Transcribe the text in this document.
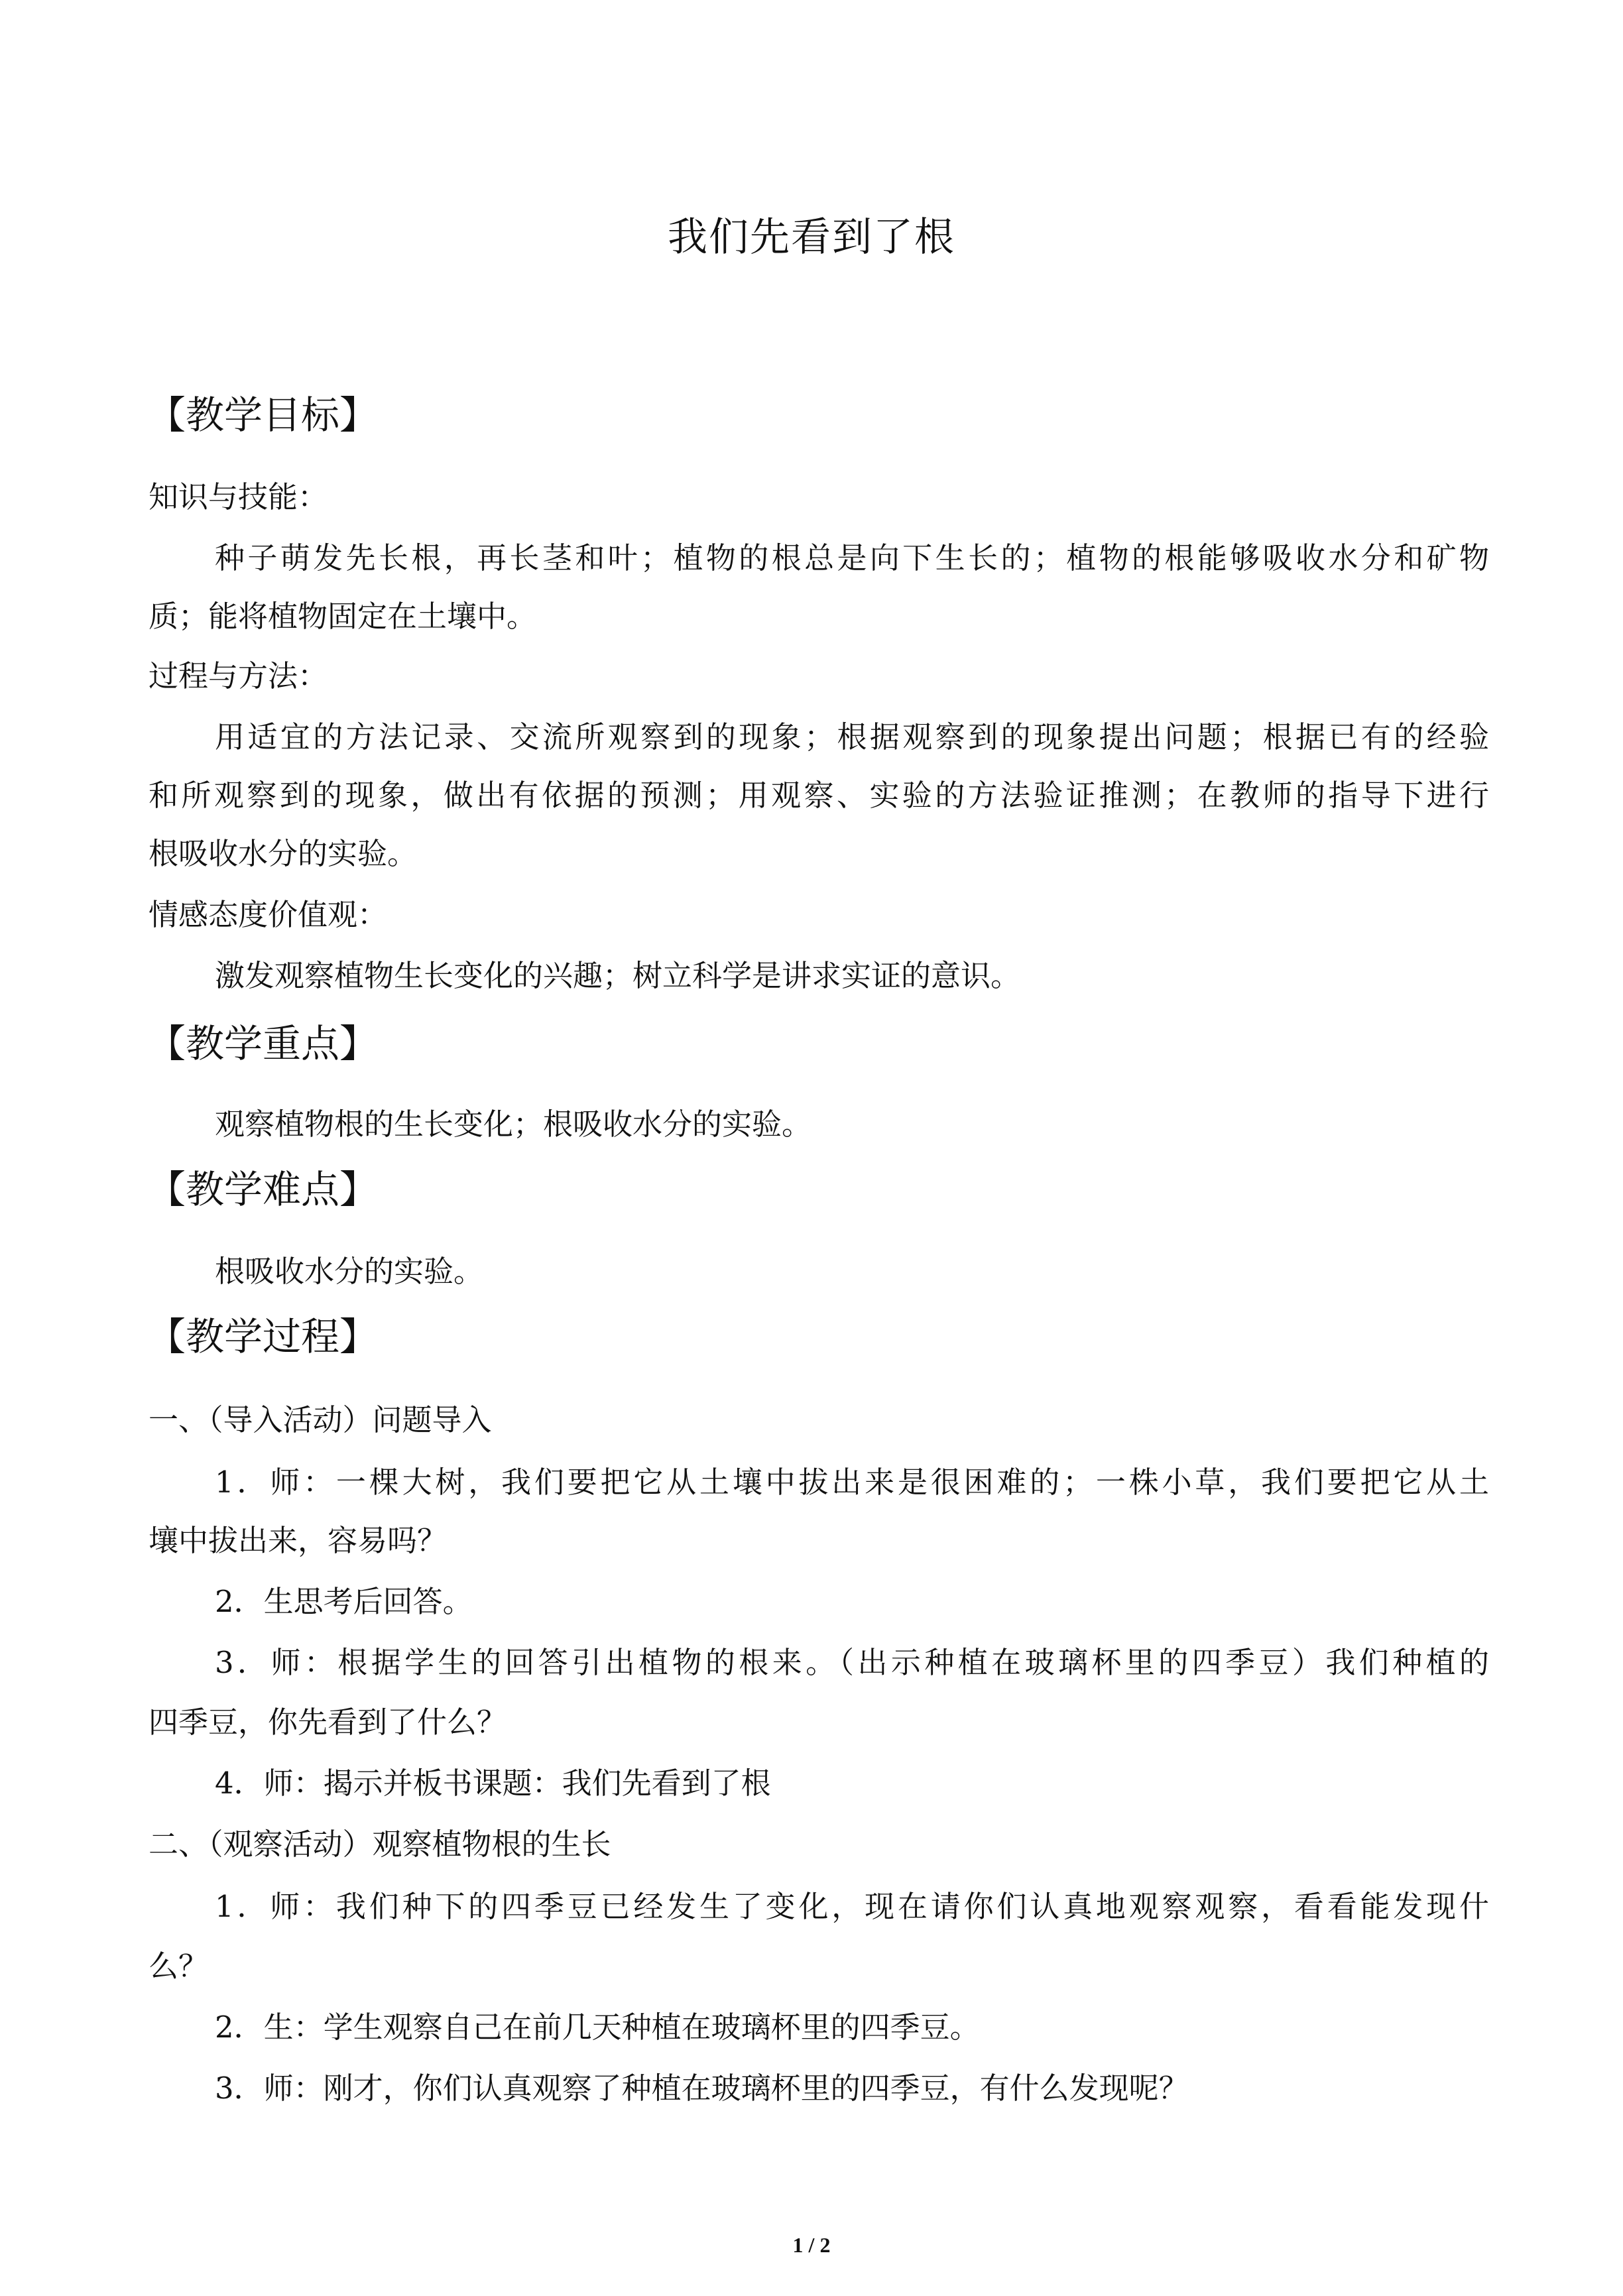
我们先看到了根
【教学目标】

知识与技能：

种子萌发先长根，再长茎和叶；植物的根总是向下生长的；植物的根能够吸收水分和矿物

质；能将植物固定在土壤中。

过程与方法：

用适宜的方法记录、交流所观察到的现象；根据观察到的现象提出问题；根据已有的经验

和所观察到的现象，做出有依据的预测；用观察、实验的方法验证推测；在教师的指导下进行

根吸收水分的实验。

情感态度价值观：

激发观察植物生长变化的兴趣；树立科学是讲求实证的意识。

【教学重点】

观察植物根的生长变化；根吸收水分的实验。

【教学难点】

根吸收水分的实验。

【教学过程】

一、（导入活动）问题导入

1．师：一棵大树，我们要把它从土壤中拔出来是很困难的；一株小草，我们要把它从土

壤中拔出来，容易吗？

2．生思考后回答。

3．师：根据学生的回答引出植物的根来。（出示种植在玻璃杯里的四季豆）我们种植的

四季豆，你先看到了什么？

4．师：揭示并板书课题：我们先看到了根

二、（观察活动）观察植物根的生长

1．师：我们种下的四季豆已经发生了变化，现在请你们认真地观察观察，看看能发现什

么？

2．生：学生观察自己在前几天种植在玻璃杯里的四季豆。

3．师：刚才，你们认真观察了种植在玻璃杯里的四季豆，有什么发现呢？

1 / 2
